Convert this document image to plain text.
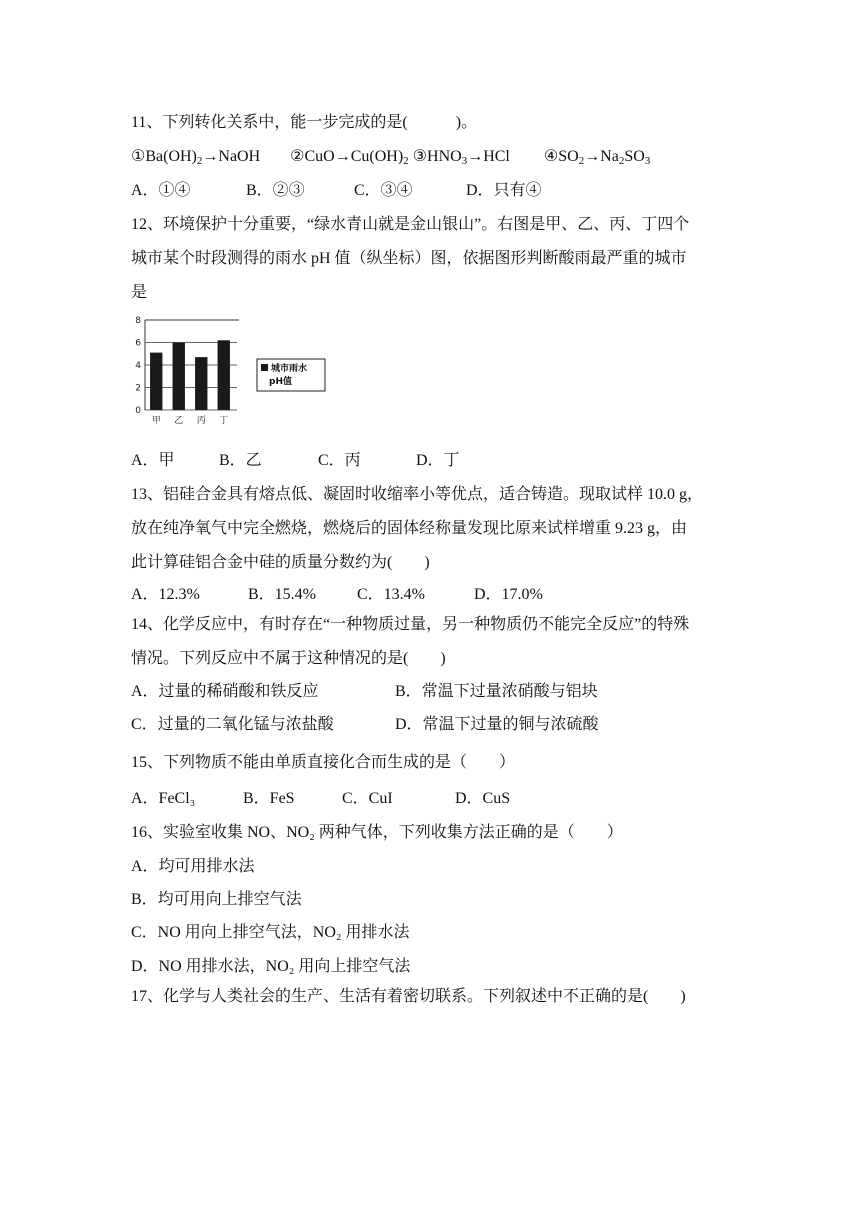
11、下列转化关系中，能一步完成的是(　　　)。
$①Ba(OH)_2\to NaOH$ $②CuO\to Cu(OH)_2$ $③HNO_3\to HCl$ $④SO_2\to Na_2SO_3$
A．①④	B．②③	C．③④	D．只有④
12、环境保护十分重要，“绿水青山就是金山银山”。右图是甲、乙、丙、丁四个
城市某个时段测得的雨水 pH 值（纵坐标）图，依据图形判断酸雨最严重的城市
是
0
2
4
6
8
甲 乙 丙 丁
城市雨水
pH值
A．甲	B．乙	C．丙	D．丁
13、铝硅合金具有熔点低、凝固时收缩率小等优点，适合铸造。现取试样 10.0 g，
放在纯净氧气中完全燃烧，燃烧后的固体经称量发现比原来试样增重 9.23 g，由
此计算硅铝合金中硅的质量分数约为(　　)
A．12.3%	B．15.4%	C．13.4%	D．17.0%
14、化学反应中，有时存在“一种物质过量，另一种物质仍不能完全反应”的特殊
情况。下列反应中不属于这种情况的是(　　)
A．过量的稀硝酸和铁反应	B．常温下过量浓硝酸与铝块
C．过量的二氧化锰与浓盐酸	D．常温下过量的铜与浓硫酸
15、下列物质不能由单质直接化合而生成的是（　　）
A．FeCl₃	B．FeS	C．CuI	D．CuS
16、实验室收集 NO、NO₂ 两种气体，下列收集方法正确的是（　　）
A．均可用排水法
B．均可用向上排空气法
C．NO 用向上排空气法，NO₂ 用排水法
D．NO 用排水法，NO₂ 用向上排空气法
17、化学与人类社会的生产、生活有着密切联系。下列叙述中不正确的是(　　)
